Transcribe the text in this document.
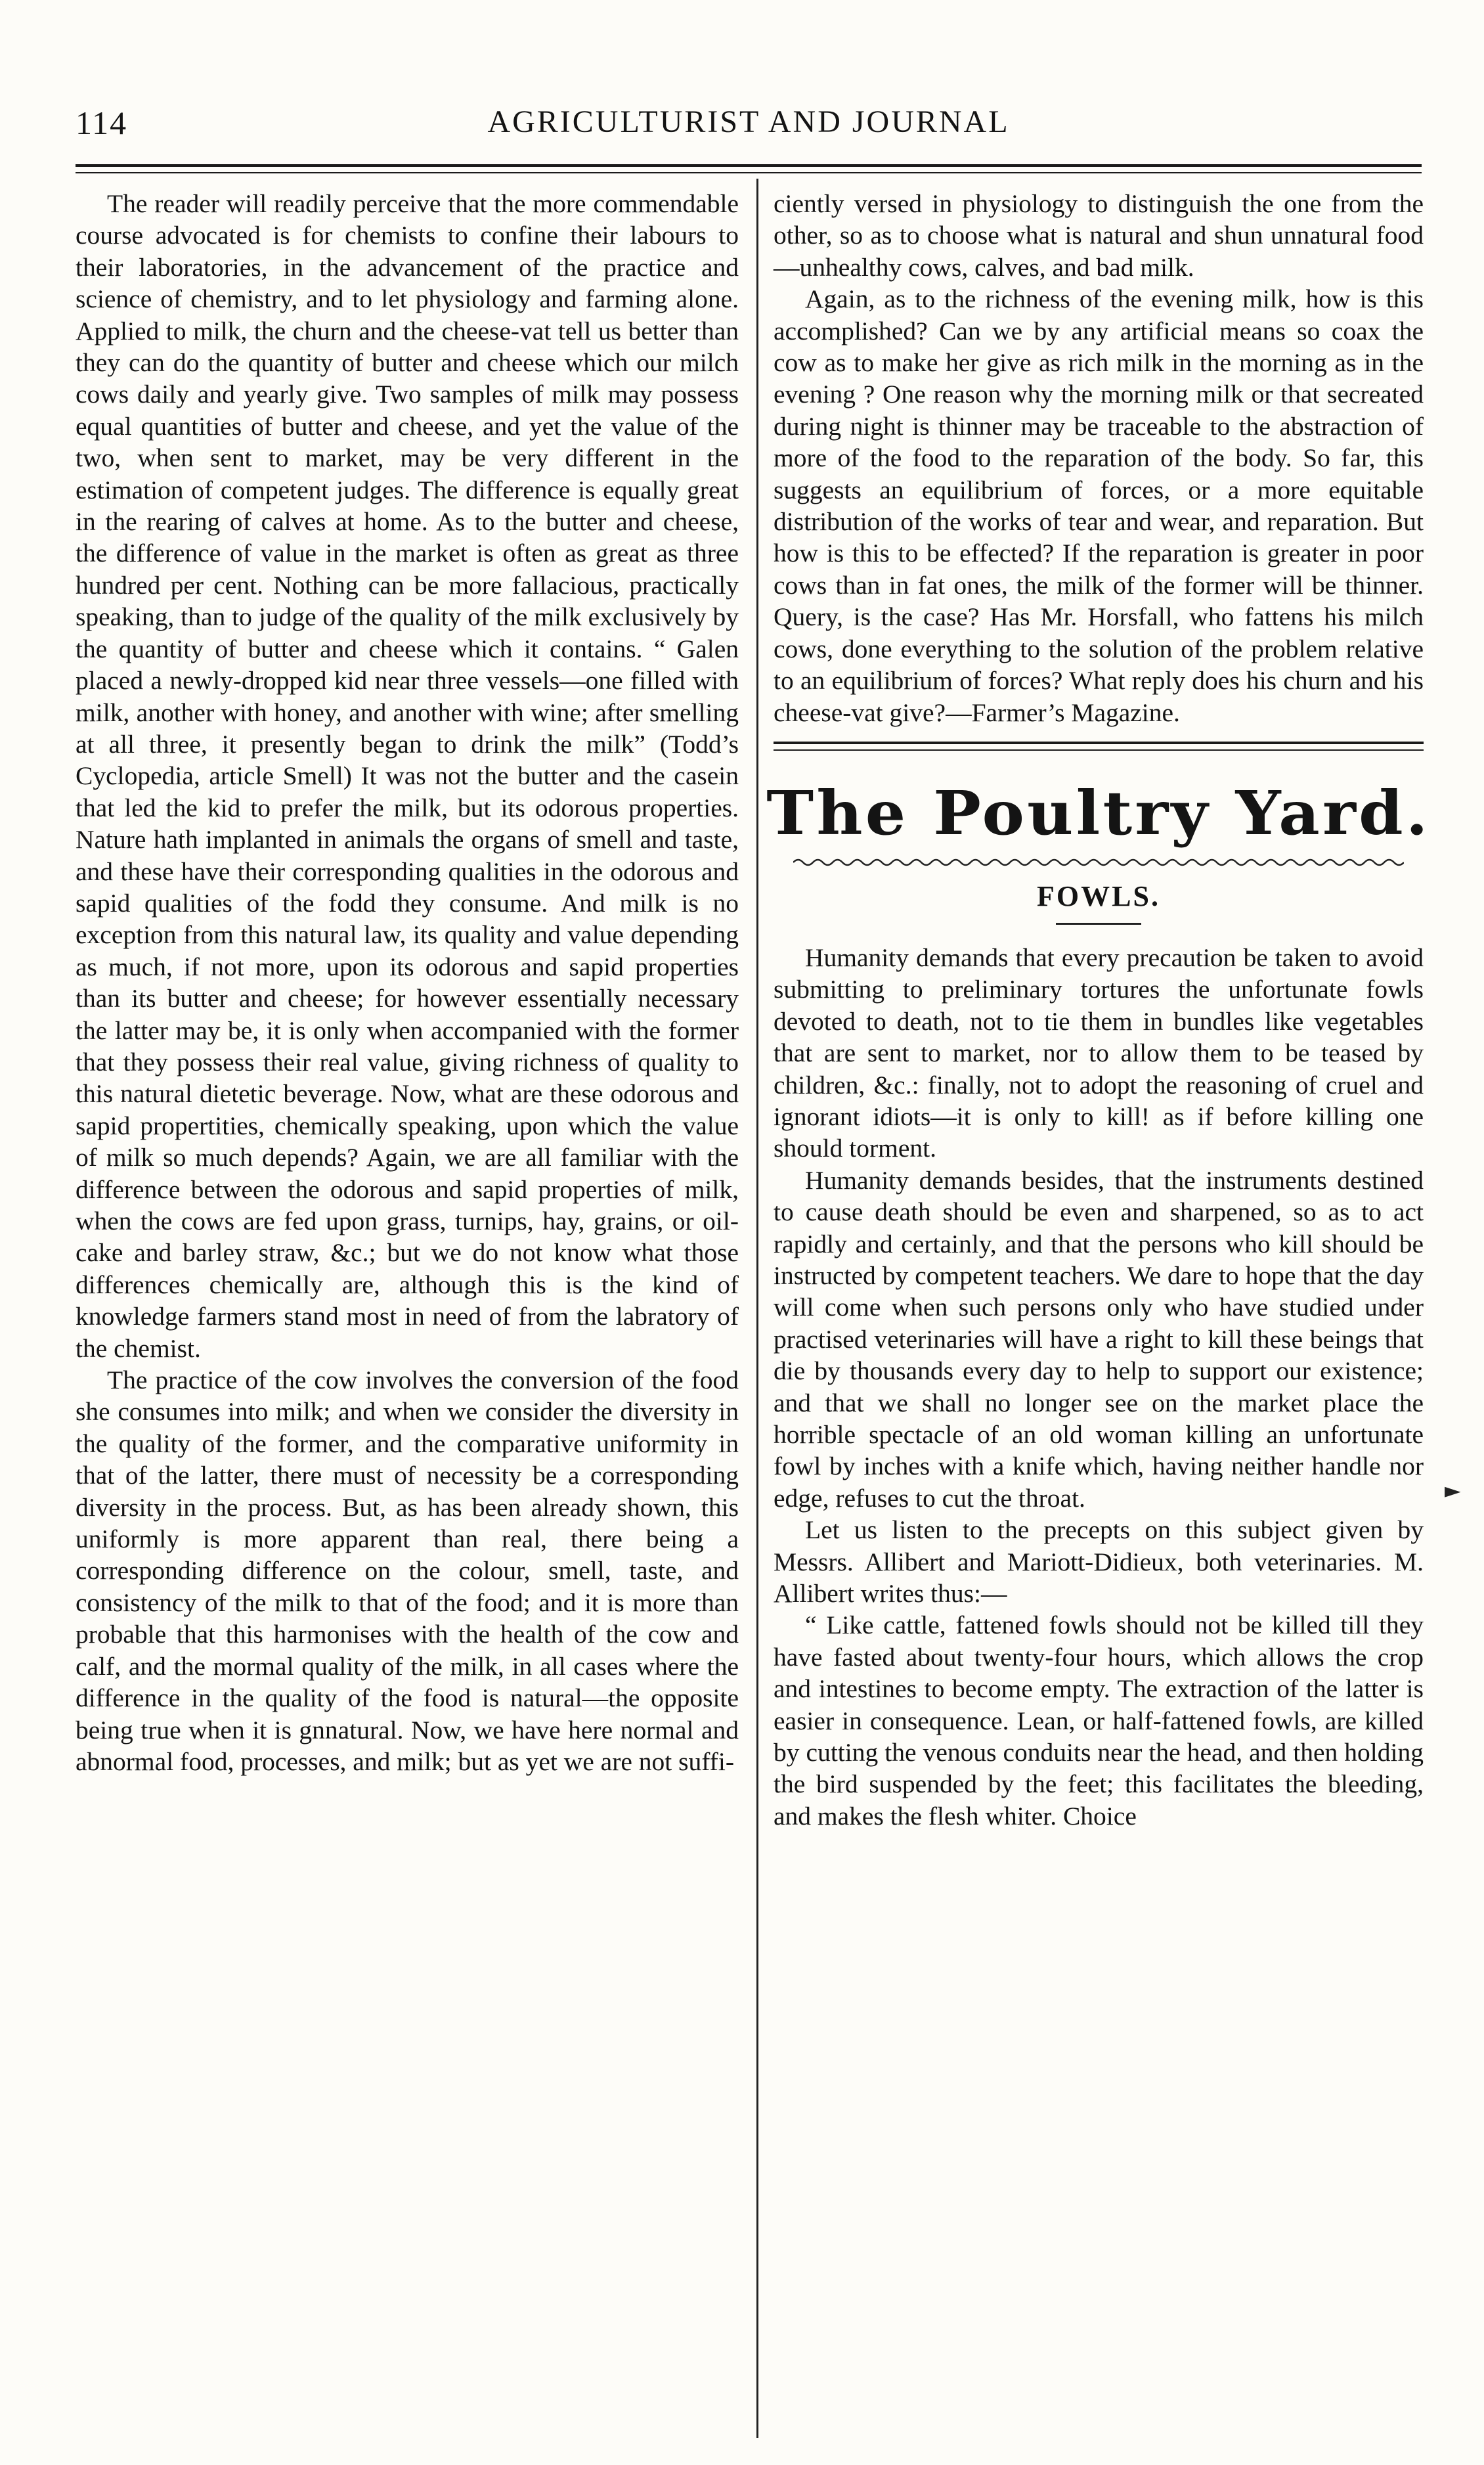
114	AGRICULTURIST AND JOURNAL

The reader will readily perceive that the more commendable course advocated is for chemists to confine their labours to their laboratories, in the advancement of the practice and science of chemistry, and to let physiology and farming alone. Applied to milk, the churn and the cheese-vat tell us better than they can do the quantity of butter and cheese which our milch cows daily and yearly give. Two samples of milk may possess equal quantities of butter and cheese, and yet the value of the two, when sent to market, may be very different in the estimation of competent judges. The difference is equally great in the rearing of calves at home. As to the butter and cheese, the difference of value in the market is often as great as three hundred per cent. Nothing can be more fallacious, practically speaking, than to judge of the quality of the milk exclusively by the quantity of butter and cheese which it contains. “ Galen placed a newly-dropped kid near three vessels—one filled with milk, another with honey, and another with wine; after smelling at all three, it presently began to drink the milk” (Todd’s Cyclopedia, article Smell) It was not the butter and the casein that led the kid to prefer the milk, but its odorous properties. Nature hath implanted in animals the organs of smell and taste, and these have their corresponding qualities in the odorous and sapid qualities of the fodd they consume. And milk is no exception from this natural law, its quality and value depending as much, if not more, upon its odorous and sapid properties than its butter and cheese; for however essentially necessary the latter may be, it is only when accompanied with the former that they possess their real value, giving richness of quality to this natural dietetic beverage. Now, what are these odorous and sapid propertities, chemically speaking, upon which the value of milk so much depends? Again, we are all familiar with the difference between the odorous and sapid properties of milk, when the cows are fed upon grass, turnips, hay, grains, or oil-cake and barley straw, &c.; but we do not know what those differences chemically are, although this is the kind of knowledge farmers stand most in need of from the labratory of the chemist.

The practice of the cow involves the conversion of the food she consumes into milk; and when we consider the diversity in the quality of the former, and the comparative uniformity in that of the latter, there must of necessity be a corresponding diversity in the process. But, as has been already shown, this uniformly is more apparent than real, there being a corresponding difference on the colour, smell, taste, and consistency of the milk to that of the food; and it is more than probable that this harmonises with the health of the cow and calf, and the mormal quality of the milk, in all cases where the difference in the quality of the food is natural—the opposite being true when it is gnnatural. Now, we have here normal and abnormal food, processes, and milk; but as yet we are not suffi-

ciently versed in physiology to distinguish the one from the other, so as to choose what is natural and shun unnatural food—unhealthy cows, calves, and bad milk.

Again, as to the richness of the evening milk, how is this accomplished? Can we by any artificial means so coax the cow as to make her give as rich milk in the morning as in the evening ? One reason why the morning milk or that secreated during night is thinner may be traceable to the abstraction of more of the food to the reparation of the body. So far, this suggests an equilibrium of forces, or a more equitable distribution of the works of tear and wear, and reparation. But how is this to be effected? If the reparation is greater in poor cows than in fat ones, the milk of the former will be thinner. Query, is the case? Has Mr. Horsfall, who fattens his milch cows, done everything to the solution of the problem relative to an equilibrium of forces? What reply does his churn and his cheese-vat give?—Farmer’s Magazine.

The Poultry Yard.
FOWLS.

Humanity demands that every precaution be taken to avoid submitting to preliminary tortures the unfortunate fowls devoted to death, not to tie them in bundles like vegetables that are sent to market, nor to allow them to be teased by children, &c.: finally, not to adopt the reasoning of cruel and ignorant idiots—it is only to kill! as if before killing one should torment.

Humanity demands besides, that the instruments destined to cause death should be even and sharpened, so as to act rapidly and certainly, and that the persons who kill should be instructed by competent teachers. We dare to hope that the day will come when such persons only who have studied under practised veterinaries will have a right to kill these beings that die by thousands every day to help to support our existence; and that we shall no longer see on the market place the horrible spectacle of an old woman killing an unfortunate fowl by inches with a knife which, having neither handle nor edge, refuses to cut the throat.

Let us listen to the precepts on this subject given by Messrs. Allibert and Mariott-Didieux, both veterinaries. M. Allibert writes thus:—

“ Like cattle, fattened fowls should not be killed till they have fasted about twenty-four hours, which allows the crop and intestines to become empty. The extraction of the latter is easier in consequence. Lean, or half-fattened fowls, are killed by cutting the venous conduits near the head, and then holding the bird suspended by the feet; this facilitates the bleeding, and makes the flesh whiter. Choice

►
